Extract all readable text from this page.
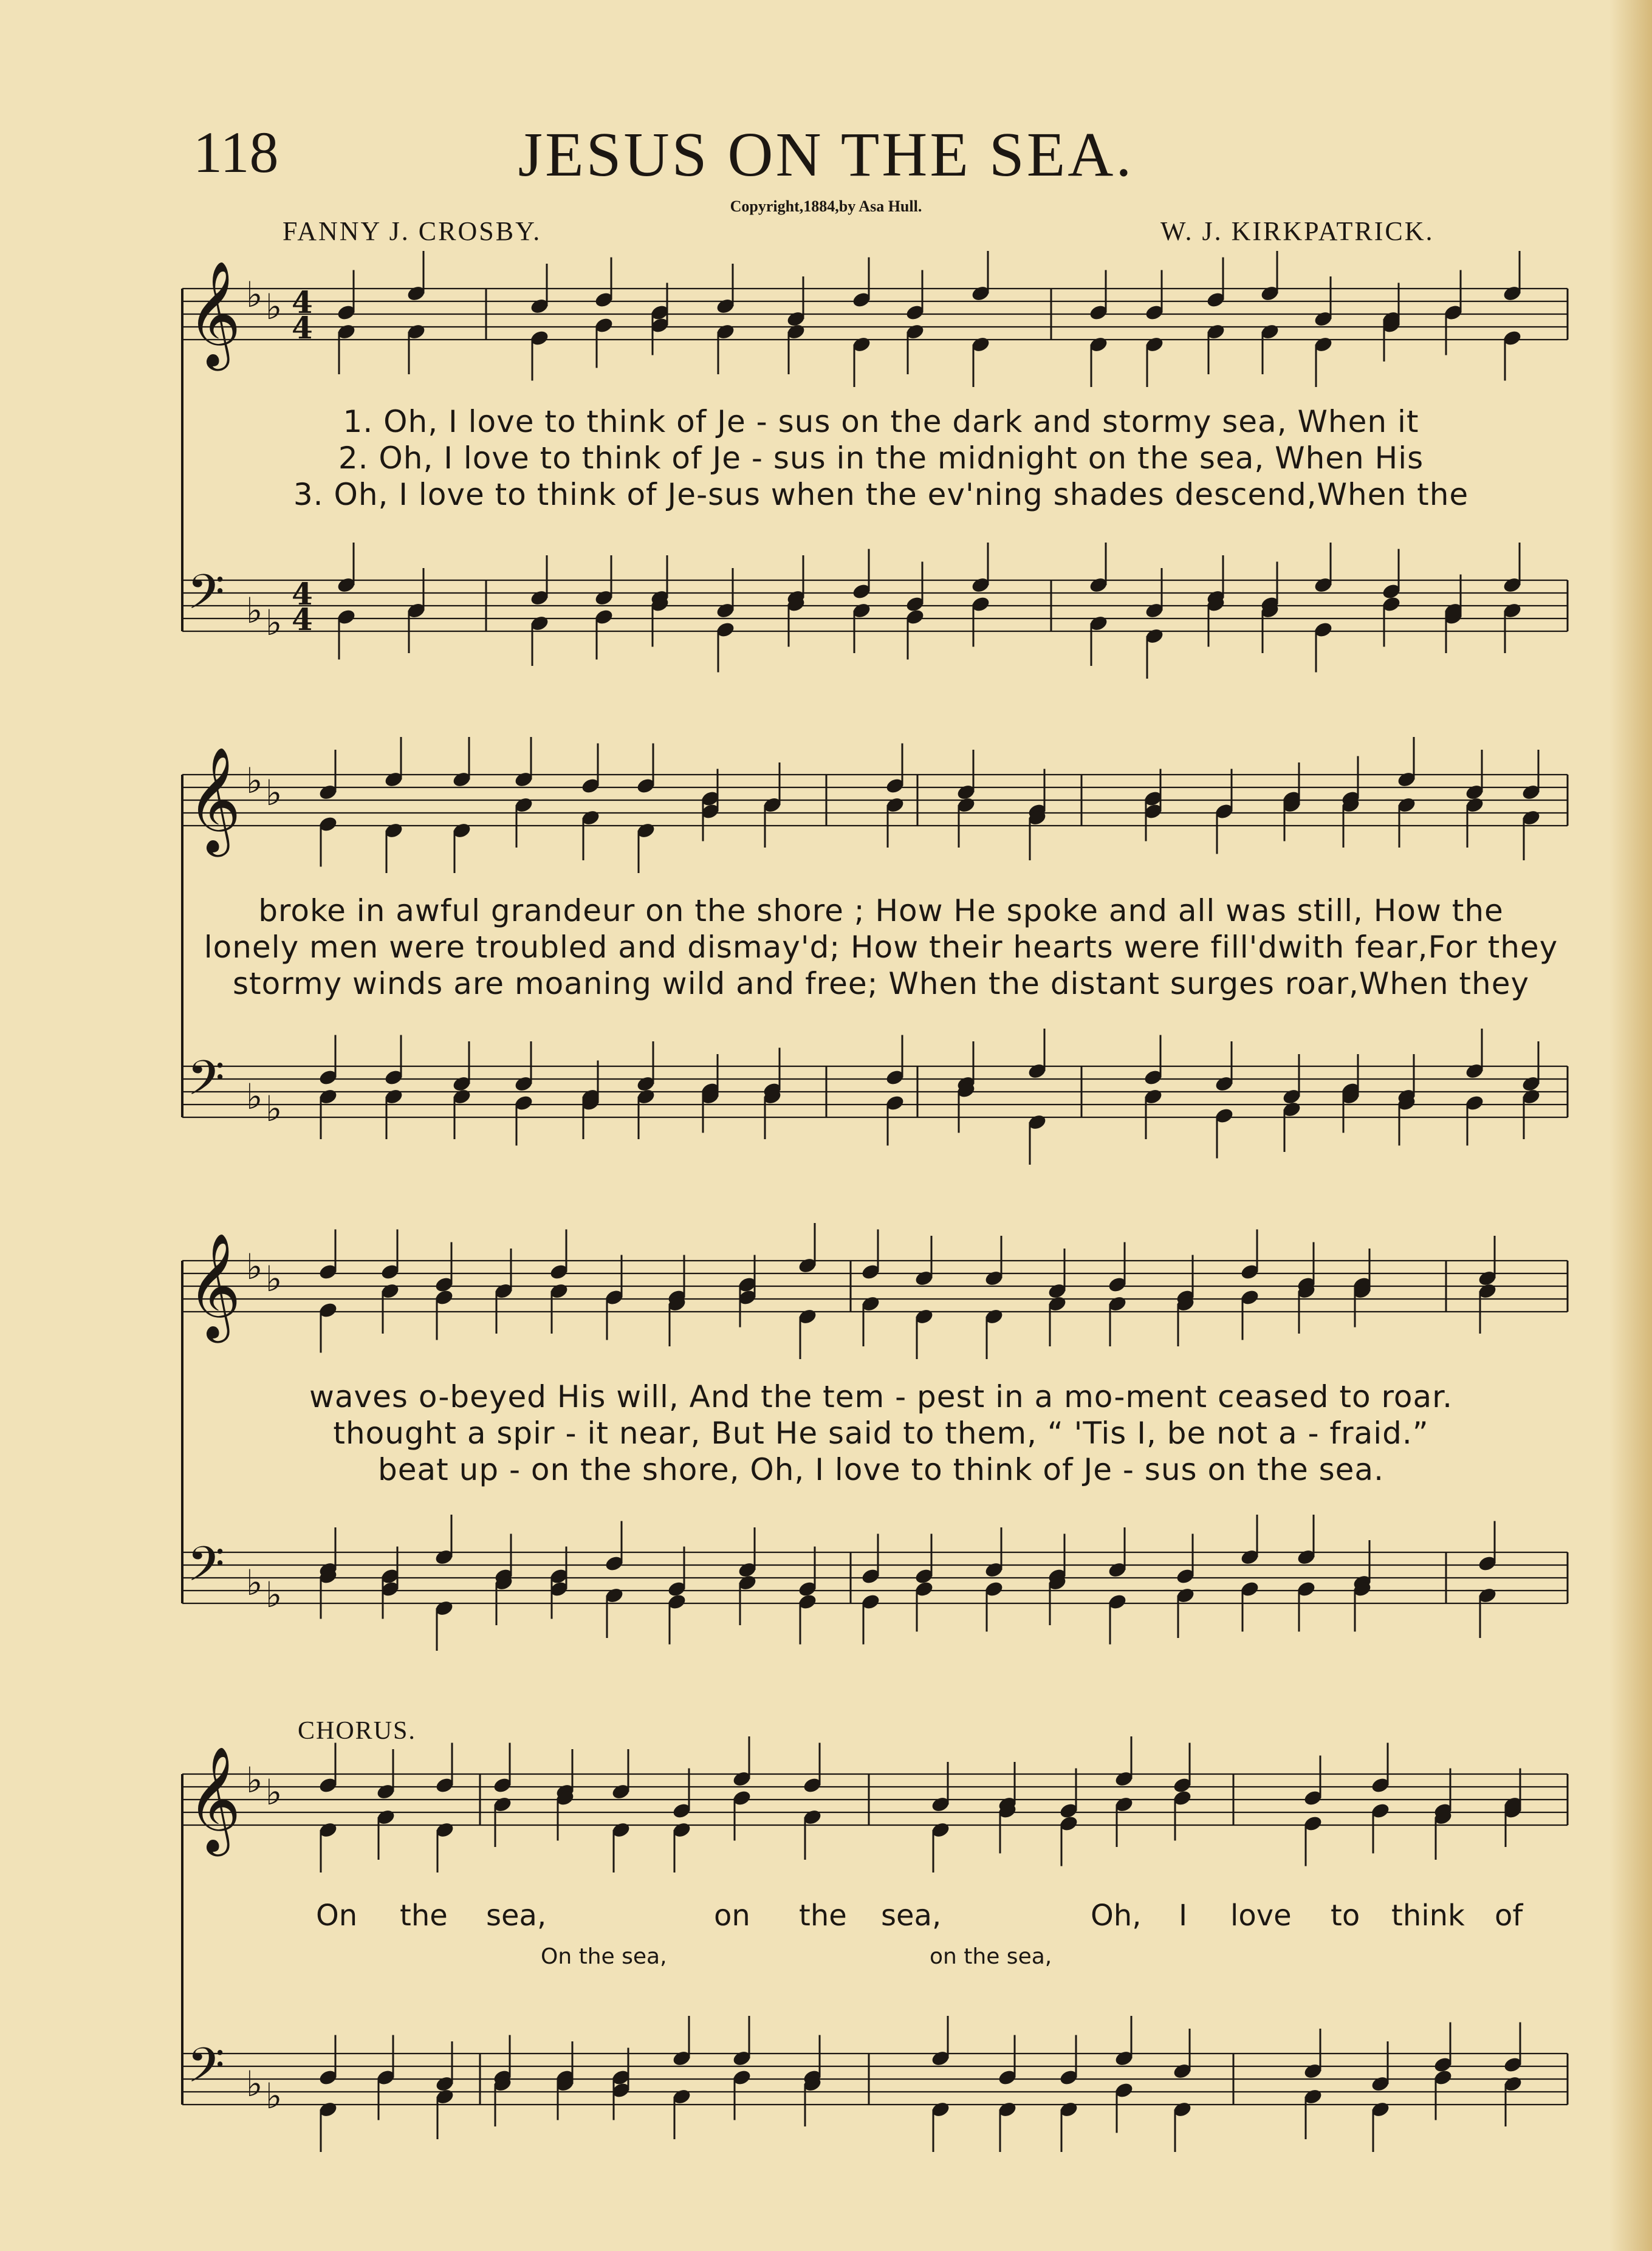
118	JESUS ON THE SEA.
Copyright,1884,by Asa Hull.
FANNY J. CROSBY.	W. J. KIRKPATRICK.
𝄞 ♭ ♭ 4
4
𝄢 ♭ ♭
4
4
1. Oh, I love to think of Je - sus on the dark and stormy sea, When it
2. Oh, I love to think of Je - sus in the midnight on the sea, When His
3. Oh, I love to think of Je-sus when the ev'ning shades descend,When the
𝄞 ♭ ♭
𝄢 ♭ ♭
broke in awful grandeur on the shore ; How He spoke and all was still, How the
lonely men were troubled and dismay'd; How their hearts were fill'dwith fear,For they
stormy winds are moaning wild and free; When the distant surges roar,When they
𝄞 ♭ ♭
𝄢 ♭ ♭
waves o-beyed His will, And the tem - pest in a mo-ment ceased to roar.
thought a spir - it near, But He said to them, “ 'Tis I, be not a - fraid.”
beat up - on the shore, Oh, I love to think of Je - sus on the sea.
CHORUS.
𝄞 ♭ ♭
𝄢 ♭ ♭
On the sea,	on the sea,	Oh, I love to think of
On the sea,	on the sea,
